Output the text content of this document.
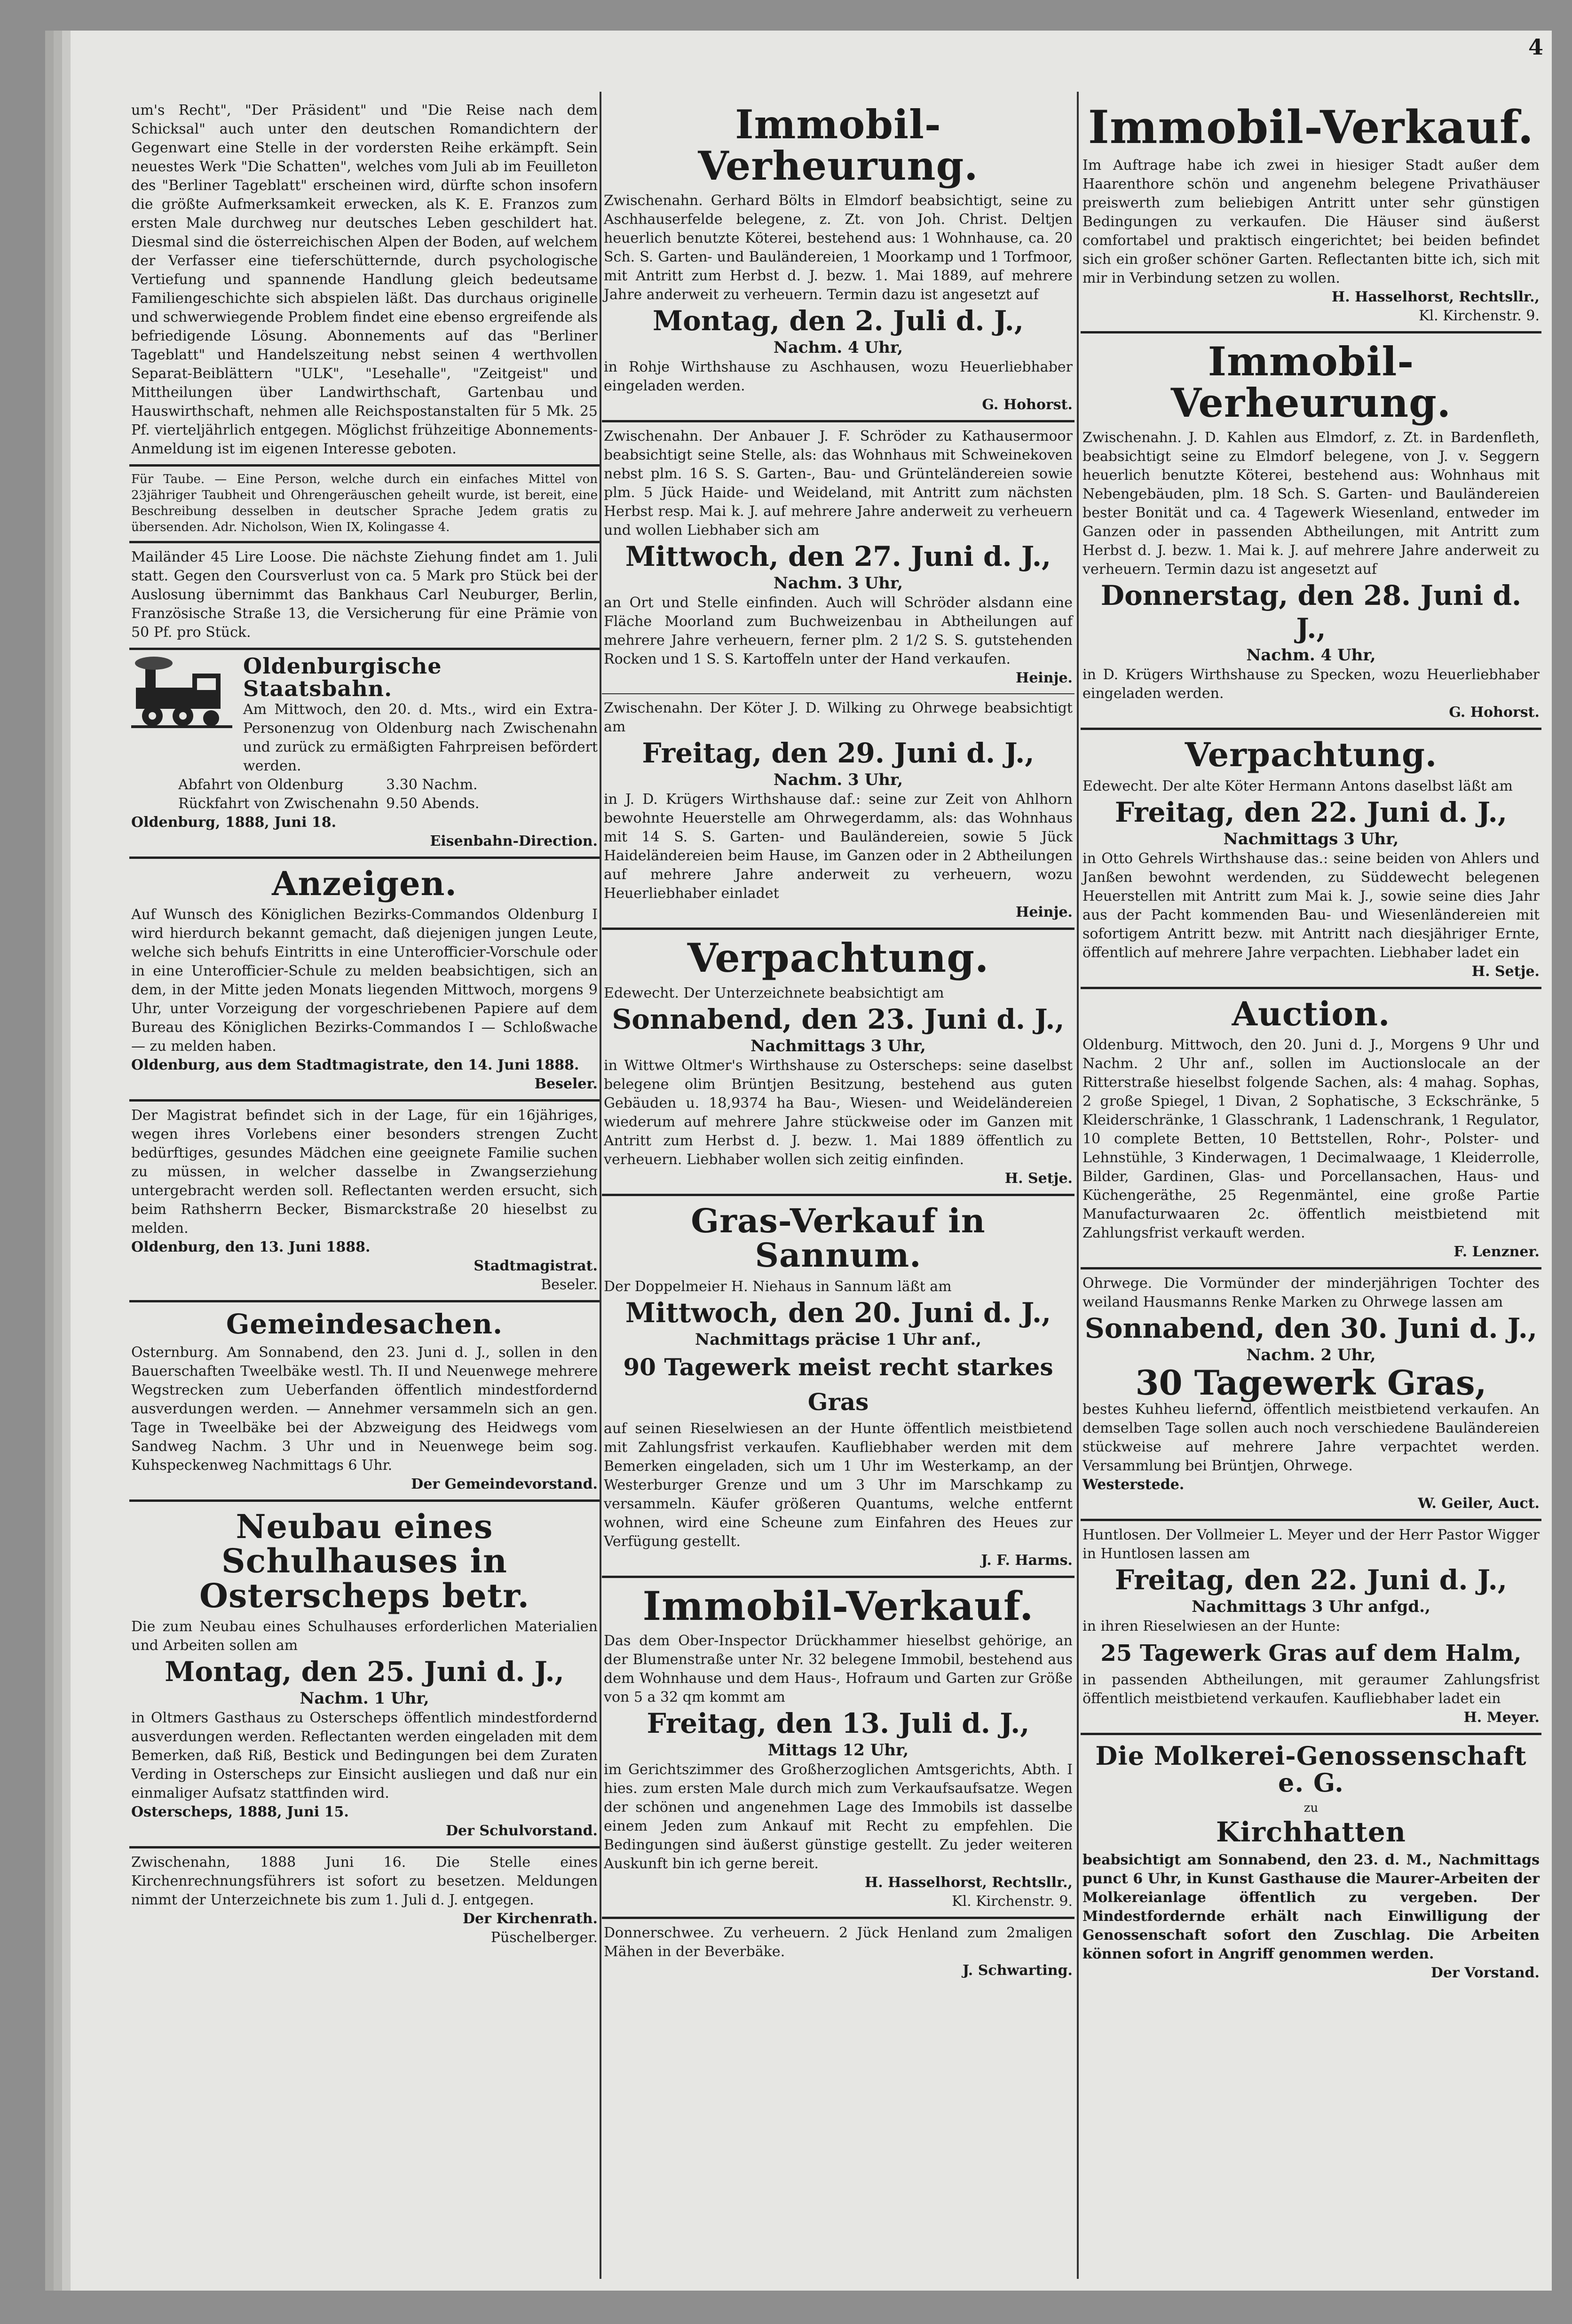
4

um's Recht", "Der Präsident" und "Die Reise nach dem Schicksal" auch unter den deutschen Romandichtern der Gegenwart eine Stelle in der vordersten Reihe erkämpft. Sein neuestes Werk "Die Schatten", welches vom Juli ab im Feuilleton des "Berliner Tageblatt" erscheinen wird, dürfte schon insofern die größte Aufmerksamkeit erwecken, als K. E. Franzos zum ersten Male durchweg nur deutsches Leben geschildert hat. Diesmal sind die österreichischen Alpen der Boden, auf welchem der Verfasser eine tieferschütternde, durch psychologische Vertiefung und spannende Handlung gleich bedeutsame Familiengeschichte sich abspielen läßt. Das durchaus originelle und schwerwiegende Problem findet eine ebenso ergreifende als befriedigende Lösung. Abonnements auf das "Berliner Tageblatt" und Handelszeitung nebst seinen 4 werthvollen Separat-Beiblättern "ULK", "Lesehalle", "Zeitgeist" und Mittheilungen über Landwirthschaft, Gartenbau und Hauswirthschaft, nehmen alle Reichspostanstalten für 5 Mk. 25 Pf. vierteljährlich entgegen. Möglichst frühzeitige Abonnements-Anmeldung ist im eigenen Interesse geboten.

Für Taube. — Eine Person, welche durch ein einfaches Mittel von 23jähriger Taubheit und Ohrengeräuschen geheilt wurde, ist bereit, eine Beschreibung desselben in deutscher Sprache Jedem gratis zu übersenden. Adr. Nicholson, Wien IX, Kolingasse 4.

Mailänder 45 Lire Loose. Die nächste Ziehung findet am 1. Juli statt. Gegen den Coursverlust von ca. 5 Mark pro Stück bei der Auslosung übernimmt das Bankhaus Carl Neuburger, Berlin, Französische Straße 13, die Versicherung für eine Prämie von 50 Pf. pro Stück.

Oldenburgische Staatsbahn.

Am Mittwoch, den 20. d. Mts., wird ein Extra-Personenzug von Oldenburg nach Zwischenahn und zurück zu ermäßigten Fahrpreisen befördert werden.

Abfahrt von Oldenburg	3.30 Nachm.
Rückfahrt von Zwischenahn 9.50 Abends.

Oldenburg, 1888, Juni 18.

Eisenbahn-Direction.
Anzeigen.

Auf Wunsch des Königlichen Bezirks-Commandos Oldenburg I wird hierdurch bekannt gemacht, daß diejenigen jungen Leute, welche sich behufs Eintritts in eine Unterofficier-Vorschule oder in eine Unterofficier-Schule zu melden beabsichtigen, sich an dem, in der Mitte jeden Monats liegenden Mittwoch, morgens 9 Uhr, unter Vorzeigung der vorgeschriebenen Papiere auf dem Bureau des Königlichen Bezirks-Commandos I — Schloßwache — zu melden haben.

Oldenburg, aus dem Stadtmagistrate, den 14. Juni 1888.

Beseler.

Der Magistrat befindet sich in der Lage, für ein 16jähriges, wegen ihres Vorlebens einer besonders strengen Zucht bedürftiges, gesundes Mädchen eine geeignete Familie suchen zu müssen, in welcher dasselbe in Zwangserziehung untergebracht werden soll. Reflectanten werden ersucht, sich beim Rathsherrn Becker, Bismarckstraße 20 hieselbst zu melden.

Oldenburg, den 13. Juni 1888.

Stadtmagistrat.
Beseler.
Gemeindesachen.

Osternburg. Am Sonnabend, den 23. Juni d. J., sollen in den Bauerschaften Tweelbäke westl. Th. II und Neuenwege mehrere Wegstrecken zum Ueberfanden öffentlich mindestfordernd ausverdungen werden. — Annehmer versammeln sich an gen. Tage in Tweelbäke bei der Abzweigung des Heidwegs vom Sandweg Nachm. 3 Uhr und in Neuenwege beim sog. Kuhspeckenweg Nachmittags 6 Uhr.

Der Gemeindevorstand.
Neubau eines Schulhauses in Osterscheps betr.

Die zum Neubau eines Schulhauses erforderlichen Materialien und Arbeiten sollen am

Montag, den 25. Juni d. J.,
Nachm. 1 Uhr,

in Oltmers Gasthaus zu Osterscheps öffentlich mindestfordernd ausverdungen werden. Reflectanten werden eingeladen mit dem Bemerken, daß Riß, Bestick und Bedingungen bei dem Zuraten Verding in Osterscheps zur Einsicht ausliegen und daß nur ein einmaliger Aufsatz stattfinden wird.

Osterscheps, 1888, Juni 15.

Der Schulvorstand.

Zwischenahn, 1888 Juni 16. Die Stelle eines Kirchenrechnungsführers ist sofort zu besetzen. Meldungen nimmt der Unterzeichnete bis zum 1. Juli d. J. entgegen.

Der Kirchenrath.
Püschelberger.
Immobil-Verheurung.

Zwischenahn. Gerhard Bölts in Elmdorf beabsichtigt, seine zu Aschhauserfelde belegene, z. Zt. von Joh. Christ. Deltjen heuerlich benutzte Köterei, bestehend aus: 1 Wohnhause, ca. 20 Sch. S. Garten- und Bauländereien, 1 Moorkamp und 1 Torfmoor, mit Antritt zum Herbst d. J. bezw. 1. Mai 1889, auf mehrere Jahre anderweit zu verheuern. Termin dazu ist angesetzt auf

Montag, den 2. Juli d. J.,
Nachm. 4 Uhr,

in Rohje Wirthshause zu Aschhausen, wozu Heuerliebhaber eingeladen werden.

G. Hohorst.

Zwischenahn. Der Anbauer J. F. Schröder zu Kathausermoor beabsichtigt seine Stelle, als: das Wohnhaus mit Schweinekoven nebst plm. 16 S. S. Garten-, Bau- und Grünteländereien sowie plm. 5 Jück Haide- und Weideland, mit Antritt zum nächsten Herbst resp. Mai k. J. auf mehrere Jahre anderweit zu verheuern und wollen Liebhaber sich am

Mittwoch, den 27. Juni d. J.,
Nachm. 3 Uhr,

an Ort und Stelle einfinden. Auch will Schröder alsdann eine Fläche Moorland zum Buchweizenbau in Abtheilungen auf mehrere Jahre verheuern, ferner plm. 2 1/2 S. S. gutstehenden Rocken und 1 S. S. Kartoffeln unter der Hand verkaufen.

Heinje.

Zwischenahn. Der Köter J. D. Wilking zu Ohrwege beabsichtigt am

Freitag, den 29. Juni d. J.,
Nachm. 3 Uhr,

in J. D. Krügers Wirthshause daf.: seine zur Zeit von Ahlhorn bewohnte Heuerstelle am Ohrwegerdamm, als: das Wohnhaus mit 14 S. S. Garten- und Bauländereien, sowie 5 Jück Haideländereien beim Hause, im Ganzen oder in 2 Abtheilungen auf mehrere Jahre anderweit zu verheuern, wozu Heuerliebhaber einladet

Heinje.
Verpachtung.

Edewecht. Der Unterzeichnete beabsichtigt am

Sonnabend, den 23. Juni d. J.,
Nachmittags 3 Uhr,

in Wittwe Oltmer's Wirthshause zu Osterscheps: seine daselbst belegene olim Brüntjen Besitzung, bestehend aus guten Gebäuden u. 18,9374 ha Bau-, Wiesen- und Weideländereien wiederum auf mehrere Jahre stückweise oder im Ganzen mit Antritt zum Herbst d. J. bezw. 1. Mai 1889 öffentlich zu verheuern. Liebhaber wollen sich zeitig einfinden.

H. Setje.
Gras-Verkauf in Sannum.

Der Doppelmeier H. Niehaus in Sannum läßt am

Mittwoch, den 20. Juni d. J.,
Nachmittags präcise 1 Uhr anf.,
90 Tagewerk meist recht starkes Gras

auf seinen Rieselwiesen an der Hunte öffentlich meistbietend mit Zahlungsfrist verkaufen. Kaufliebhaber werden mit dem Bemerken eingeladen, sich um 1 Uhr im Westerkamp, an der Westerburger Grenze und um 3 Uhr im Marschkamp zu versammeln. Käufer größeren Quantums, welche entfernt wohnen, wird eine Scheune zum Einfahren des Heues zur Verfügung gestellt.

J. F. Harms.
Immobil-Verkauf.

Das dem Ober-Inspector Drückhammer hieselbst gehörige, an der Blumenstraße unter Nr. 32 belegene Immobil, bestehend aus dem Wohnhause und dem Haus-, Hofraum und Garten zur Größe von 5 a 32 qm kommt am

Freitag, den 13. Juli d. J.,
Mittags 12 Uhr,

im Gerichtszimmer des Großherzoglichen Amtsgerichts, Abth. I hies. zum ersten Male durch mich zum Verkaufsaufsatze. Wegen der schönen und angenehmen Lage des Immobils ist dasselbe einem Jeden zum Ankauf mit Recht zu empfehlen. Die Bedingungen sind äußerst günstige gestellt. Zu jeder weiteren Auskunft bin ich gerne bereit.

H. Hasselhorst, Rechtsllr.,
Kl. Kirchenstr. 9.

Donnerschwee. Zu verheuern. 2 Jück Henland zum 2maligen Mähen in der Beverbäke.

J. Schwarting.
Immobil-Verkauf.

Im Auftrage habe ich zwei in hiesiger Stadt außer dem Haarenthore schön und angenehm belegene Privathäuser preiswerth zum beliebigen Antritt unter sehr günstigen Bedingungen zu verkaufen. Die Häuser sind äußerst comfortabel und praktisch eingerichtet; bei beiden befindet sich ein großer schöner Garten. Reflectanten bitte ich, sich mit mir in Verbindung setzen zu wollen.

H. Hasselhorst, Rechtsllr.,
Kl. Kirchenstr. 9.
Immobil-Verheurung.

Zwischenahn. J. D. Kahlen aus Elmdorf, z. Zt. in Bardenfleth, beabsichtigt seine zu Elmdorf belegene, von J. v. Seggern heuerlich benutzte Köterei, bestehend aus: Wohnhaus mit Nebengebäuden, plm. 18 Sch. S. Garten- und Bauländereien bester Bonität und ca. 4 Tagewerk Wiesenland, entweder im Ganzen oder in passenden Abtheilungen, mit Antritt zum Herbst d. J. bezw. 1. Mai k. J. auf mehrere Jahre anderweit zu verheuern. Termin dazu ist angesetzt auf

Donnerstag, den 28. Juni d. J.,
Nachm. 4 Uhr,

in D. Krügers Wirthshause zu Specken, wozu Heuerliebhaber eingeladen werden.

G. Hohorst.
Verpachtung.

Edewecht. Der alte Köter Hermann Antons daselbst läßt am

Freitag, den 22. Juni d. J.,
Nachmittags 3 Uhr,

in Otto Gehrels Wirthshause das.: seine beiden von Ahlers und Janßen bewohnt werdenden, zu Süddewecht belegenen Heuerstellen mit Antritt zum Mai k. J., sowie seine dies Jahr aus der Pacht kommenden Bau- und Wiesenländereien mit sofortigem Antritt bezw. mit Antritt nach diesjähriger Ernte, öffentlich auf mehrere Jahre verpachten. Liebhaber ladet ein

H. Setje.
Auction.

Oldenburg. Mittwoch, den 20. Juni d. J., Morgens 9 Uhr und Nachm. 2 Uhr anf., sollen im Auctionslocale an der Ritterstraße hieselbst folgende Sachen, als: 4 mahag. Sophas, 2 große Spiegel, 1 Divan, 2 Sophatische, 3 Eckschränke, 5 Kleiderschränke, 1 Glasschrank, 1 Ladenschrank, 1 Regulator, 10 complete Betten, 10 Bettstellen, Rohr-, Polster- und Lehnstühle, 3 Kinderwagen, 1 Decimalwaage, 1 Kleiderrolle, Bilder, Gardinen, Glas- und Porcellansachen, Haus- und Küchengeräthe, 25 Regenmäntel, eine große Partie Manufacturwaaren 2c. öffentlich meistbietend mit Zahlungsfrist verkauft werden.

F. Lenzner.

Ohrwege. Die Vormünder der minderjährigen Tochter des weiland Hausmanns Renke Marken zu Ohrwege lassen am

Sonnabend, den 30. Juni d. J.,
Nachm. 2 Uhr,
30 Tagewerk Gras,

bestes Kuhheu liefernd, öffentlich meistbietend verkaufen. An demselben Tage sollen auch noch verschiedene Bauländereien stückweise auf mehrere Jahre verpachtet werden. Versammlung bei Brüntjen, Ohrwege.

Westerstede.

W. Geiler, Auct.

Huntlosen. Der Vollmeier L. Meyer und der Herr Pastor Wigger in Huntlosen lassen am

Freitag, den 22. Juni d. J.,
Nachmittags 3 Uhr anfgd.,

in ihren Rieselwiesen an der Hunte:

25 Tagewerk Gras auf dem Halm,

in passenden Abtheilungen, mit geraumer Zahlungsfrist öffentlich meistbietend verkaufen. Kaufliebhaber ladet ein

H. Meyer.
Die Molkerei-Genossenschaft e. G.
zu
Kirchhatten

beabsichtigt am Sonnabend, den 23. d. M., Nachmittags punct 6 Uhr, in Kunst Gasthause die Maurer-Arbeiten der Molkereianlage öffentlich zu vergeben. Der Mindestfordernde erhält nach Einwilligung der Genossenschaft sofort den Zuschlag. Die Arbeiten können sofort in Angriff genommen werden.

Der Vorstand.
